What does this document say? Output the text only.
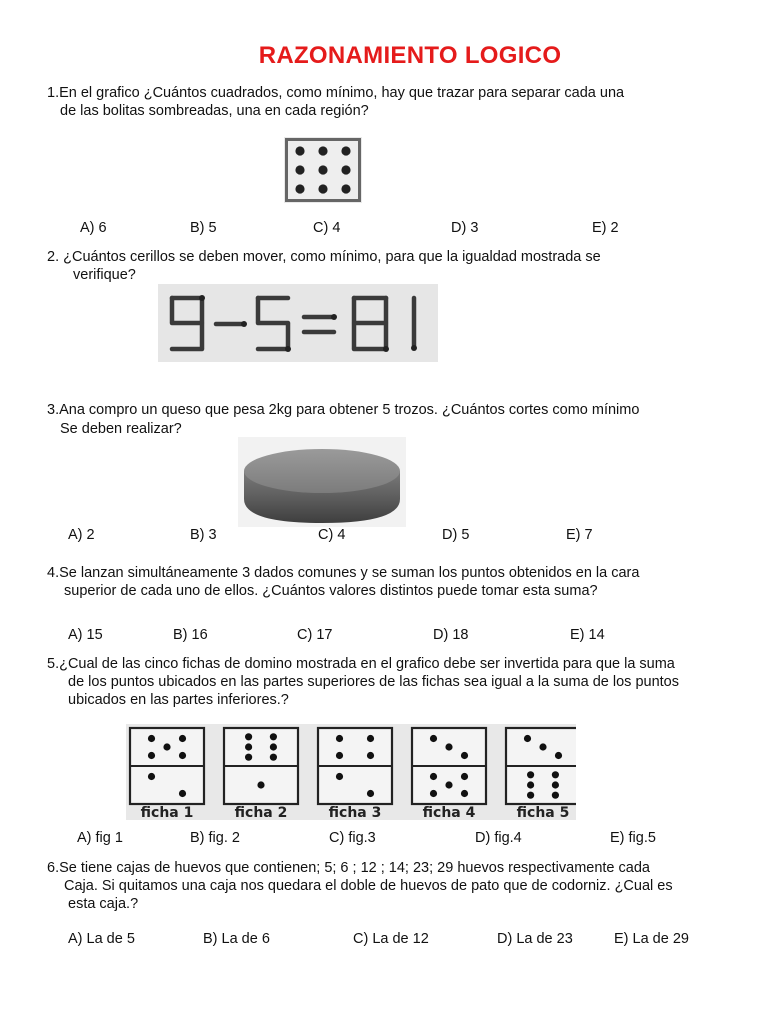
RAZONAMIENTO LOGICO
1.En el grafico ¿Cuántos cuadrados, como mínimo, hay que trazar para separar cada una
de las bolitas sombreadas, una en cada región?
A) 6	B) 5	C) 4	D) 3	E) 2
2. ¿Cuántos cerillos se deben mover, como mínimo, para que la igualdad mostrada se
verifique?
3.Ana compro un queso que pesa 2kg para obtener 5 trozos. ¿Cuántos cortes como mínimo
Se deben realizar?
A) 2	B) 3	C) 4	D) 5	E) 7
4.Se lanzan simultáneamente 3 dados comunes y se suman los puntos obtenidos en la cara
superior de cada uno de ellos. ¿Cuántos valores distintos puede tomar esta suma?
A) 15	B) 16	C) 17	D) 18	E) 14
5.¿Cual de las cinco fichas de domino mostrada en el grafico debe ser invertida para que la suma
de los puntos ubicados en las partes superiores de las fichas sea igual a la suma de los puntos
ubicados en las partes inferiores.?
ficha 1	ficha 2	ficha 3	ficha 4	ficha 5
A) fig 1	B) fig. 2	C) fig.3	D) fig.4	E) fig.5
6.Se tiene cajas de huevos que contienen; 5; 6 ; 12 ; 14; 23; 29 huevos respectivamente cada
Caja. Si quitamos una caja nos quedara el doble de huevos de pato que de codorniz. ¿Cual es
esta caja.?
A) La de 5	B) La de 6	C) La de 12	D) La de 23	E) La de 29
